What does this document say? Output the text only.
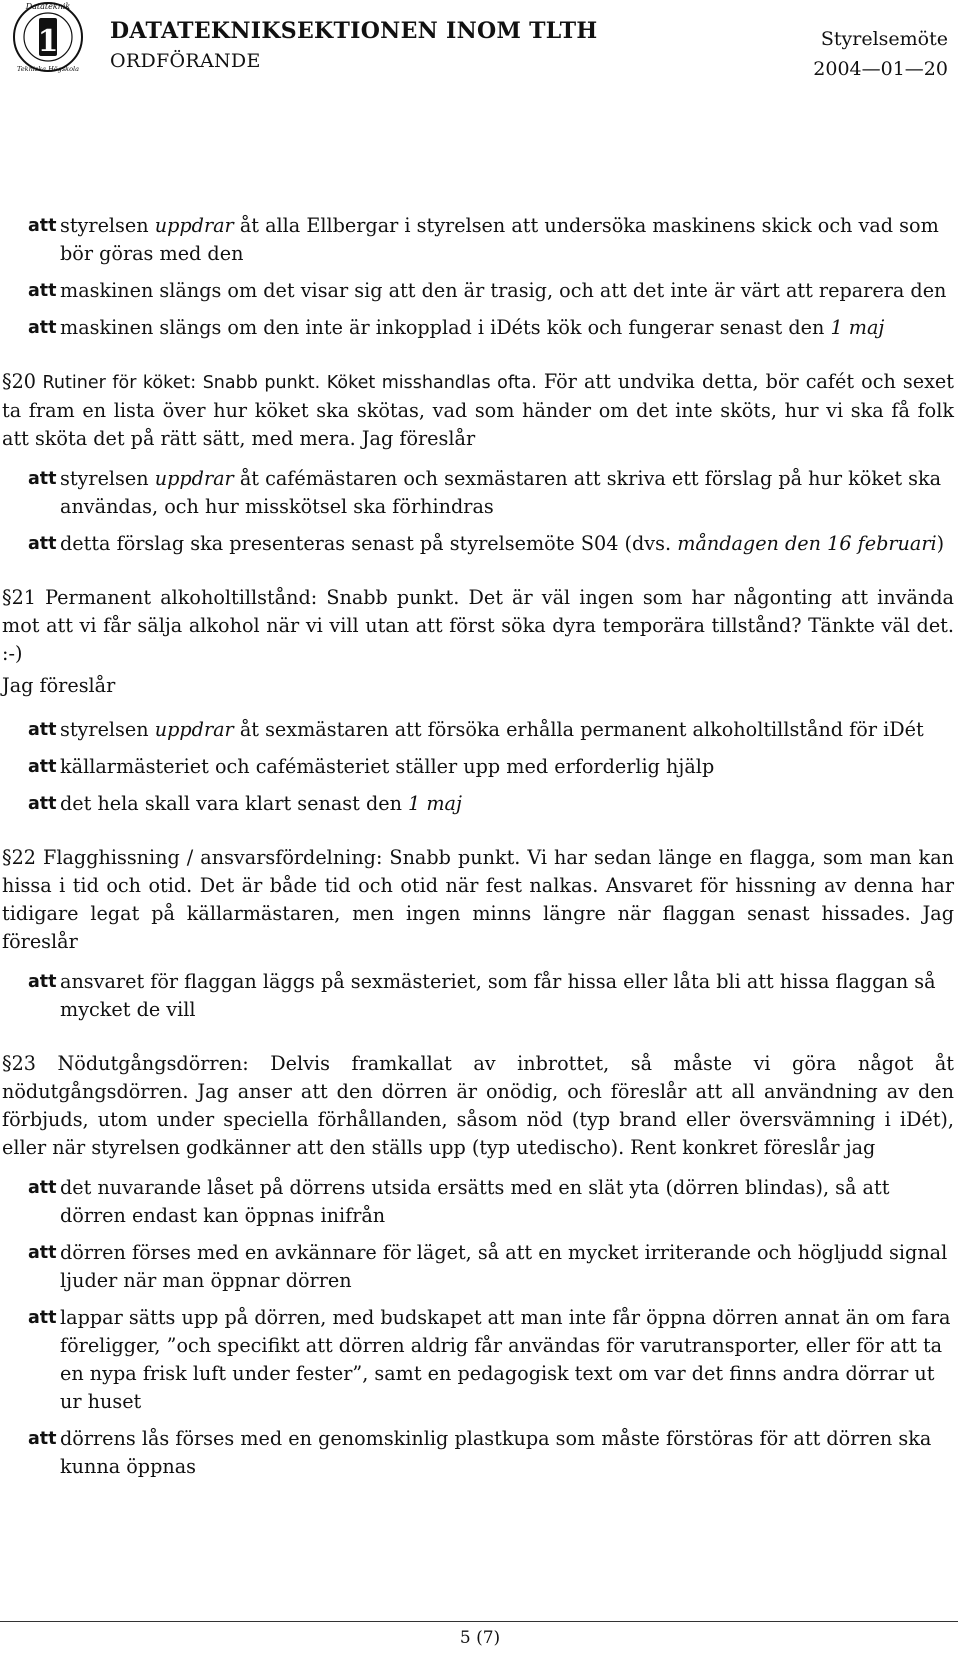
1
Datateknik
Tekniska Högskola
DATATEKNIKSEKTIONEN INOM TLTH
ORDFÖRANDE
Styrelsemöte
2004—01—20
att styrelsen uppdrar åt alla Ellbergar i styrelsen att undersöka maskinens skick och vad som bör göras med den
att maskinen slängs om det visar sig att den är trasig, och att det inte är värt att reparera den
att maskinen slängs om den inte är inkopplad i iDéts kök och fungerar senast den 1 maj

§20 Rutiner för köket: Snabb punkt. Köket misshandlas ofta. För att undvika detta, bör cafét och sexet ta fram en lista över hur köket ska skötas, vad som händer om det inte sköts, hur vi ska få folk att sköta det på rätt sätt, med mera. Jag föreslår

att styrelsen uppdrar åt cafémästaren och sexmästaren att skriva ett förslag på hur köket ska användas, och hur misskötsel ska förhindras
att detta förslag ska presenteras senast på styrelsemöte S04 (dvs. måndagen den 16 februari)

§21 Permanent alkoholtillstånd: Snabb punkt. Det är väl ingen som har någonting att invända mot att vi får sälja alkohol när vi vill utan att först söka dyra temporära tillstånd? Tänkte väl det. :-)

Jag föreslår

att styrelsen uppdrar åt sexmästaren att försöka erhålla permanent alkoholtillstånd för iDét
att källarmästeriet och cafémästeriet ställer upp med erforderlig hjälp
att det hela skall vara klart senast den 1 maj

§22 Flagghissning / ansvarsfördelning: Snabb punkt. Vi har sedan länge en flagga, som man kan hissa i tid och otid. Det är både tid och otid när fest nalkas. Ansvaret för hissning av denna har tidigare legat på källarmästaren, men ingen minns längre när flaggan senast hissades. Jag föreslår

att ansvaret för flaggan läggs på sexmästeriet, som får hissa eller låta bli att hissa flaggan så mycket de vill

§23 Nödutgångsdörren: Delvis framkallat av inbrottet, så måste vi göra något åt nödutgångsdörren. Jag anser att den dörren är onödig, och föreslår att all användning av den förbjuds, utom under speciella förhållanden, såsom nöd (typ brand eller översvämning i iDét), eller när styrelsen godkänner att den ställs upp (typ utedischo). Rent konkret föreslår jag

att det nuvarande låset på dörrens utsida ersätts med en slät yta (dörren blindas), så att dörren endast kan öppnas inifrån
att dörren förses med en avkännare för läget, så att en mycket irriterande och högljudd signal ljuder när man öppnar dörren
att lappar sätts upp på dörren, med budskapet att man inte får öppna dörren annat än om fara föreligger, ”och specifikt att dörren aldrig får användas för varutransporter, eller för att ta en nypa frisk luft under fester”, samt en pedagogisk text om var det finns andra dörrar ut ur huset
att dörrens lås förses med en genomskinlig plastkupa som måste förstöras för att dörren ska kunna öppnas
5 (7)
